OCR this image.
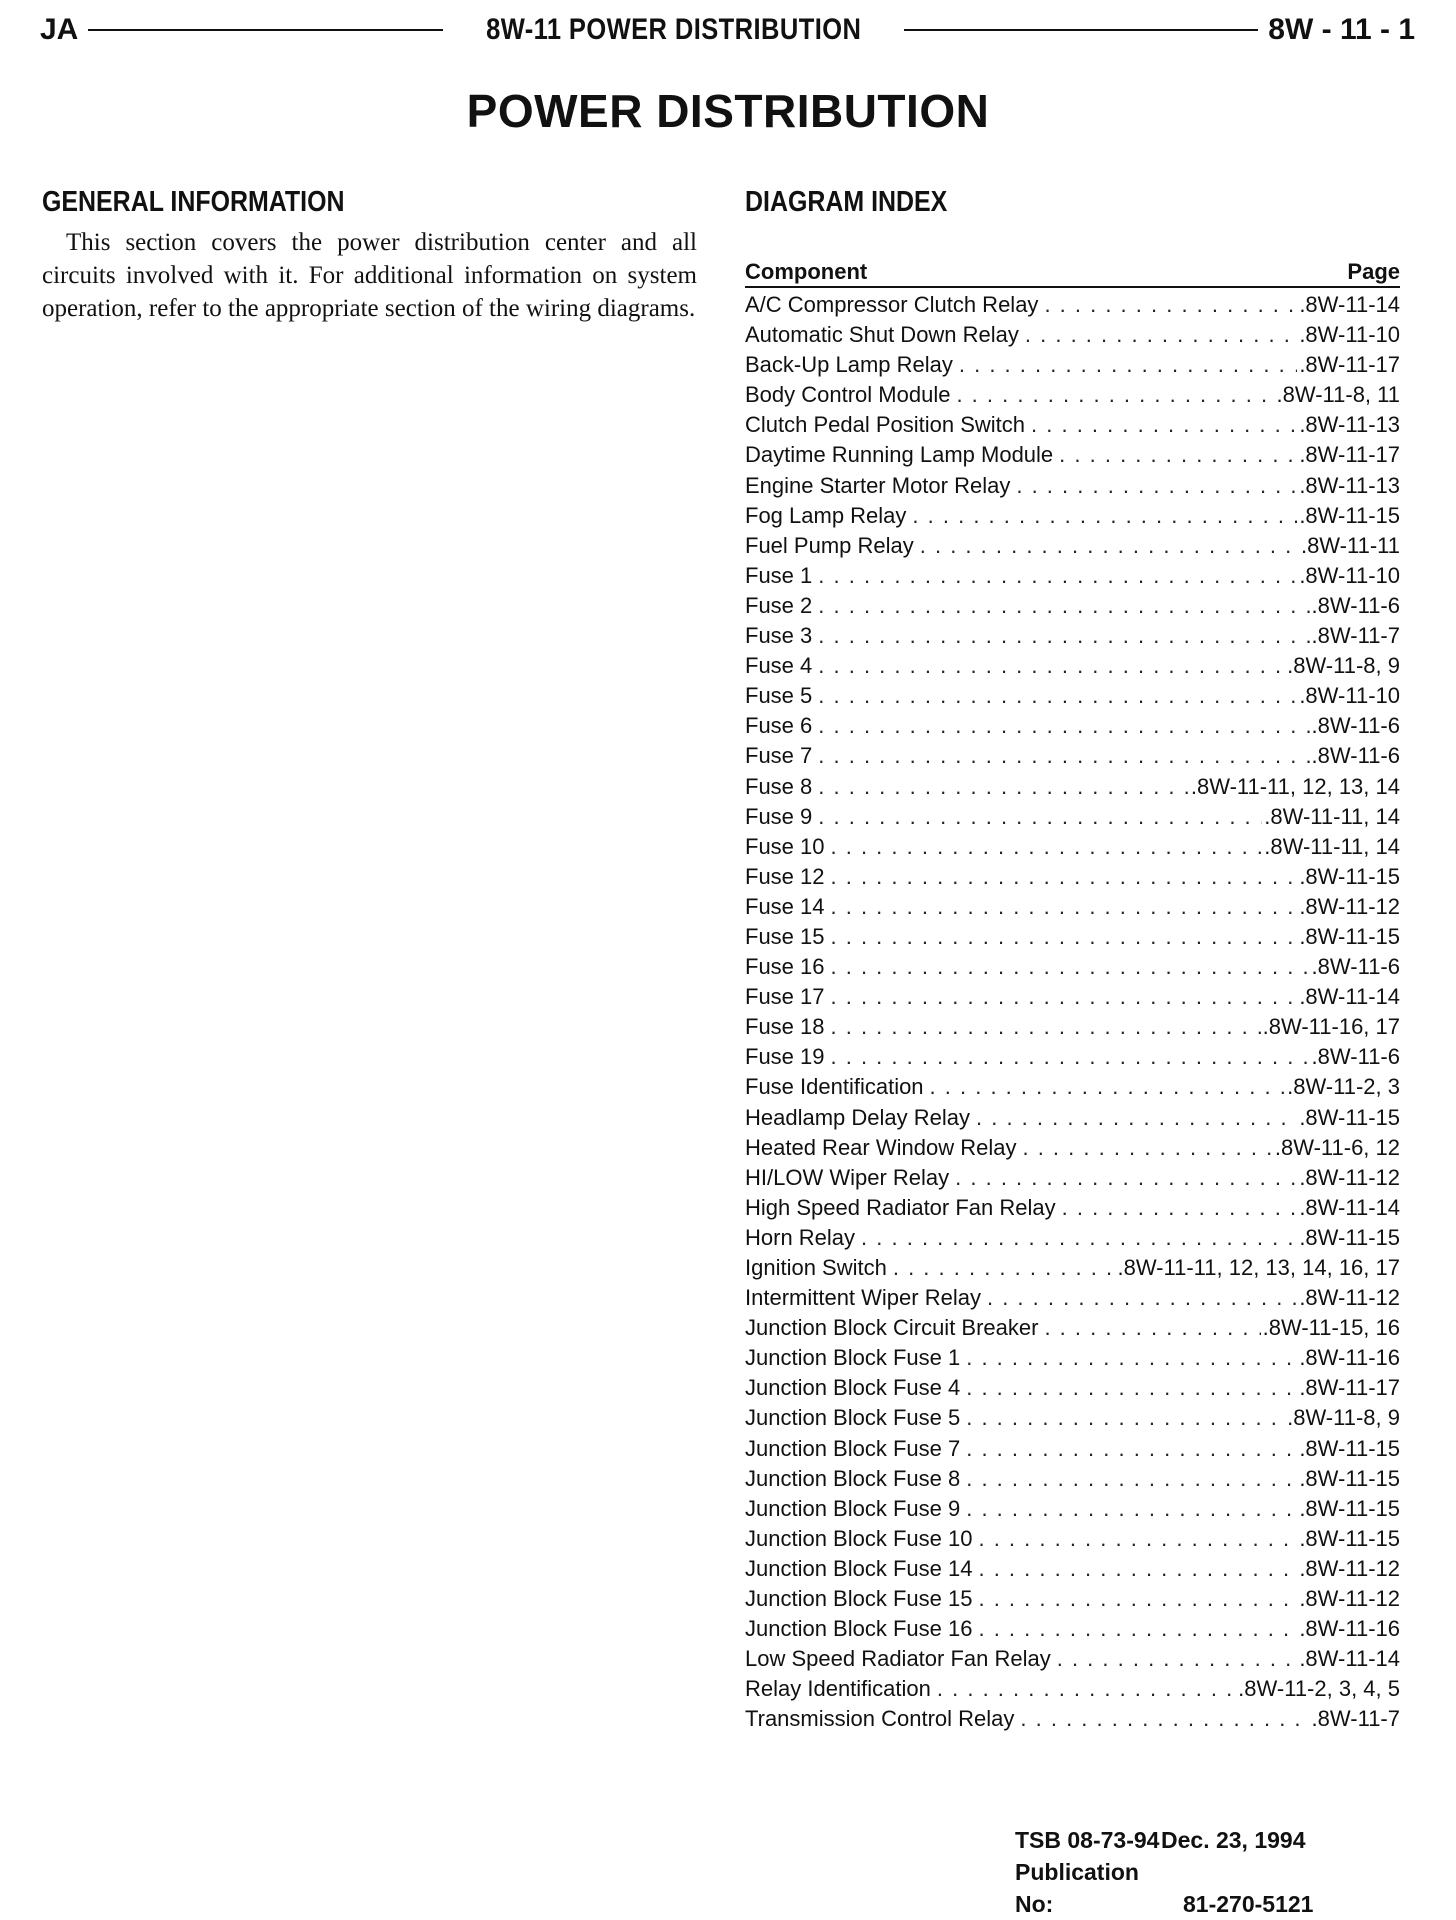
JA	8W-11 POWER DISTRIBUTION	8W - 11 - 1
POWER DISTRIBUTION
GENERAL INFORMATION

This section covers the power distribution center and all circuits involved with it. For additional information on system operation, refer to the appropriate section of the wiring diagrams.

DIAGRAM INDEX
Component	Page
A/C Compressor Clutch Relay . . .	.8W-11-14
Automatic Shut Down Relay . . .	.8W-11-10
Back-Up Lamp Relay . . .	.8W-11-17
Body Control Module . . .	.8W-11-8, 11
Clutch Pedal Position Switch . . .	.8W-11-13
Daytime Running Lamp Module . . .	.8W-11-17
Engine Starter Motor Relay . . .	.8W-11-13
Fog Lamp Relay . . .	.8W-11-15
Fuel Pump Relay . . .	.8W-11-11
Fuse 1 . . .	.8W-11-10
Fuse 2 . . .	.8W-11-6
Fuse 3 . . .	.8W-11-7
Fuse 4 . . .	.8W-11-8, 9
Fuse 5 . . .	.8W-11-10
Fuse 6 . . .	.8W-11-6
Fuse 7 . . .	.8W-11-6
Fuse 8 . . .	.8W-11-11, 12, 13, 14
Fuse 9 . . .	.8W-11-11, 14
Fuse 10 . . .	.8W-11-11, 14
Fuse 12 . . .	.8W-11-15
Fuse 14 . . .	.8W-11-12
Fuse 15 . . .	.8W-11-15
Fuse 16 . . .	.8W-11-6
Fuse 17 . . .	.8W-11-14
Fuse 18 . . .	.8W-11-16, 17
Fuse 19 . . .	.8W-11-6
Fuse Identification . . .	.8W-11-2, 3
Headlamp Delay Relay . . .	.8W-11-15
Heated Rear Window Relay . . .	.8W-11-6, 12
HI/LOW Wiper Relay . . .	.8W-11-12
High Speed Radiator Fan Relay . . .	.8W-11-14
Horn Relay . . .	.8W-11-15
Ignition Switch . . .	.8W-11-11, 12, 13, 14, 16, 17
Intermittent Wiper Relay . . .	.8W-11-12
Junction Block Circuit Breaker . . .	.8W-11-15, 16
Junction Block Fuse 1 . . .	.8W-11-16
Junction Block Fuse 4 . . .	.8W-11-17
Junction Block Fuse 5 . . .	.8W-11-8, 9
Junction Block Fuse 7 . . .	.8W-11-15
Junction Block Fuse 8 . . .	.8W-11-15
Junction Block Fuse 9 . . .	.8W-11-15
Junction Block Fuse 10 . . .	.8W-11-15
Junction Block Fuse 14 . . .	.8W-11-12
Junction Block Fuse 15 . . .	.8W-11-12
Junction Block Fuse 16 . . .	.8W-11-16
Low Speed Radiator Fan Relay . . .	.8W-11-14
Relay Identification . . .	.8W-11-2, 3, 4, 5
Transmission Control Relay . . .	.8W-11-7
TSB 08-73-94Dec. 23, 1994
Publication No:	81-270-5121
